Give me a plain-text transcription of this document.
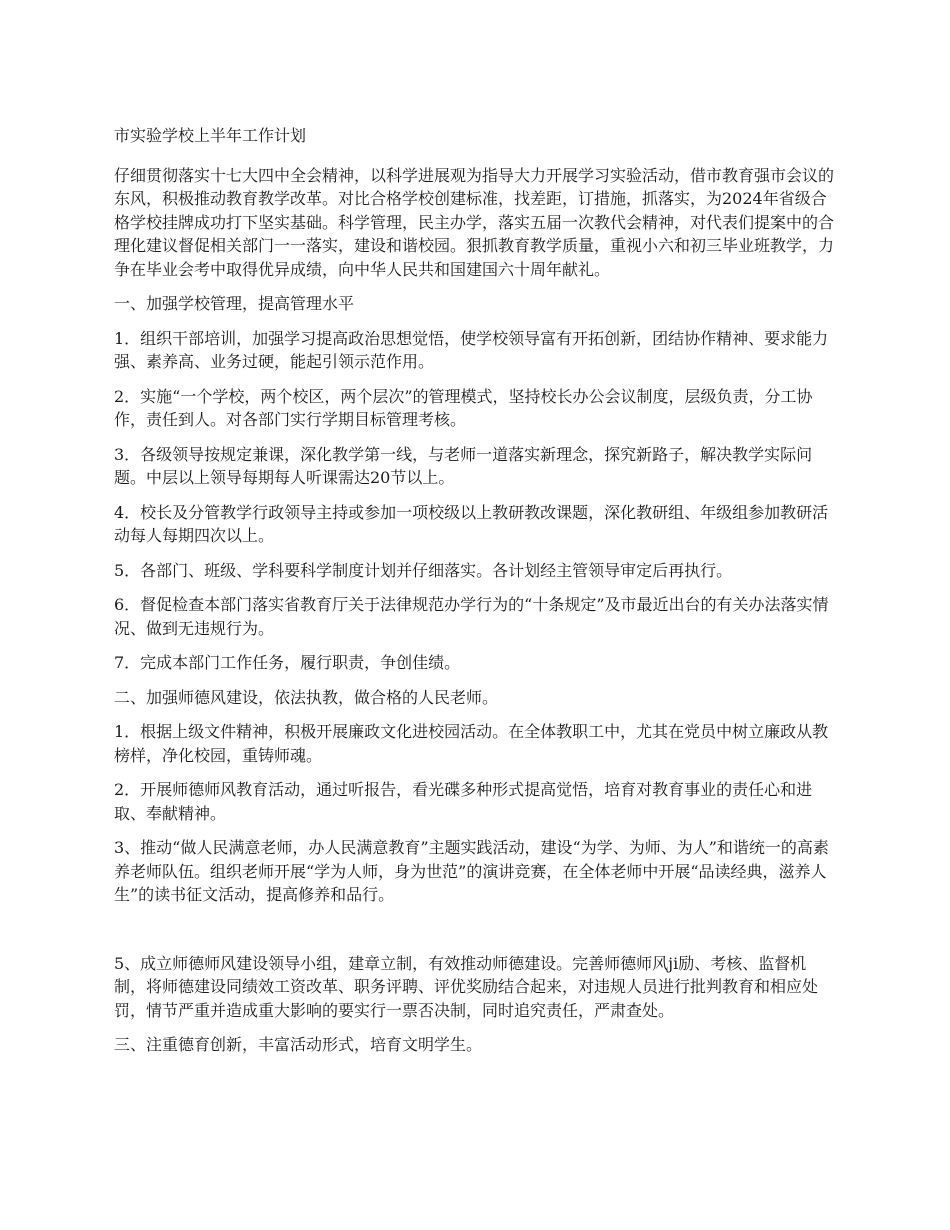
市实验学校上半年工作计划
仔细贯彻落实十七大四中全会精神，以科学进展观为指导大力开展学习实验活动，借市教育强市会议的东风，积极推动教育教学改革。对比合格学校创建标准，找差距，订措施，抓落实，为2024年省级合格学校挂牌成功打下坚实基础。科学管理，民主办学，落实五届一次教代会精神，对代表们提案中的合理化建议督促相关部门一一落实，建设和谐校园。狠抓教育教学质量，重视小六和初三毕业班教学，力争在毕业会考中取得优异成绩，向中华人民共和国建国六十周年献礼。
一、加强学校管理，提高管理水平
1．组织干部培训，加强学习提高政治思想觉悟，使学校领导富有开拓创新，团结协作精神、要求能力强、素养高、业务过硬，能起引领示范作用。
2．实施“一个学校，两个校区，两个层次”的管理模式，坚持校长办公会议制度，层级负责，分工协作，责任到人。对各部门实行学期目标管理考核。
3．各级领导按规定兼课，深化教学第一线，与老师一道落实新理念，探究新路子，解决教学实际问题。中层以上领导每期每人听课需达20节以上。
4．校长及分管教学行政领导主持或参加一项校级以上教研教改课题，深化教研组、年级组参加教研活动每人每期四次以上。
5．各部门、班级、学科要科学制度计划并仔细落实。各计划经主管领导审定后再执行。
6．督促检查本部门落实省教育厅关于法律规范办学行为的“十条规定”及市最近出台的有关办法落实情况、做到无违规行为。
7．完成本部门工作任务，履行职责，争创佳绩。
二、加强师德风建设，依法执教，做合格的人民老师。
1．根据上级文件精神，积极开展廉政文化进校园活动。在全体教职工中，尤其在党员中树立廉政从教榜样，净化校园，重铸师魂。
2．开展师德师风教育活动，通过听报告，看光碟多种形式提高觉悟，培育对教育事业的责任心和进取、奉献精神。
3、推动“做人民满意老师，办人民满意教育”主题实践活动，建设“为学、为师、为人”和谐统一的高素养老师队伍。组织老师开展“学为人师，身为世范”的演讲竞赛，在全体老师中开展“品读经典，滋养人生”的读书征文活动，提高修养和品行。
5、成立师德师风建设领导小组，建章立制，有效推动师德建设。完善师德师风ji励、考核、监督机制，将师德建设同绩效工资改革、职务评聘、评优奖励结合起来，对违规人员进行批判教育和相应处罚，情节严重并造成重大影响的要实行一票否决制，同时追究责任，严肃查处。
三、注重德育创新，丰富活动形式，培育文明学生。
